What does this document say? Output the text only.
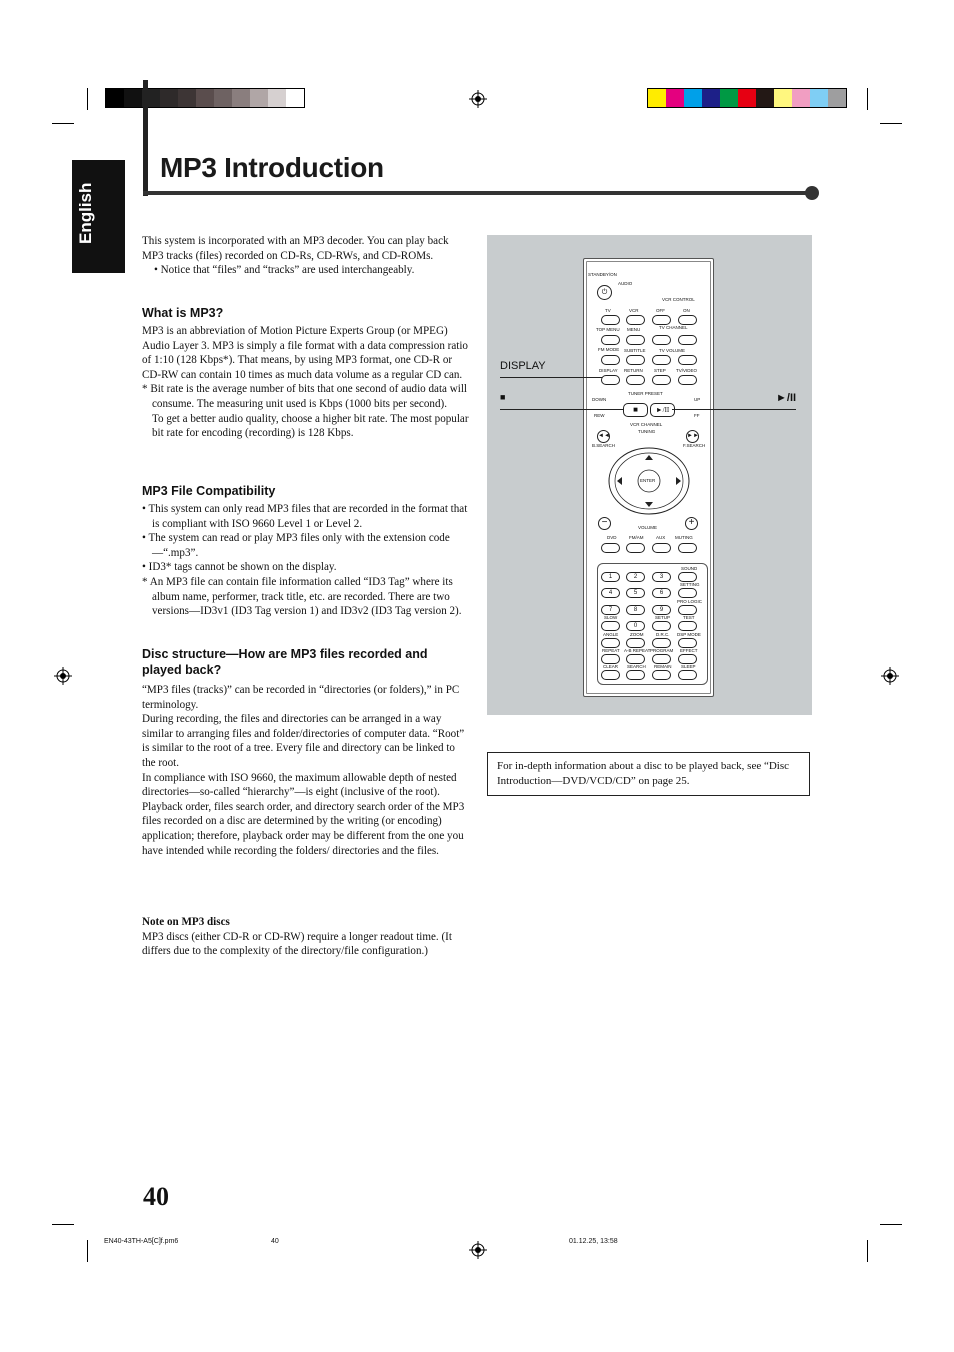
MP3 Introduction
English	This system is incorporated with an MP3 decoder. You can play back MP3 tracks (files) recorded on CD-Rs, CD-RWs, and CD-ROMs.

• Notice that “files” and “tracks” are used interchangeably.

What is MP3?

MP3 is an abbreviation of Motion Picture Experts Group (or MPEG) Audio Layer 3. MP3 is simply a file format with a data compression ratio of 1:10 (128 Kbps*). That means, by using MP3 format, one CD-R or CD-RW can contain 10 times as much data volume as a regular CD can.

* Bit rate is the average number of bits that one second of audio data will consume. The measuring unit used is Kbps (1000 bits per second).

To get a better audio quality, choose a higher bit rate. The most popular bit rate for encoding (recording) is 128 Kbps.

MP3 File Compatibility

• This system can only read MP3 files that are recorded in the format that is compliant with ISO 9660 Level 1 or Level 2.

• The system can read or play MP3 files only with the extension code—“.mp3”.

• ID3* tags cannot be shown on the display.

* An MP3 file can contain file information called “ID3 Tag” where its album name, performer, track title, etc. are recorded. There are two versions—ID3v1 (ID3 Tag version 1) and ID3v2 (ID3 Tag version 2).

Disc structure—How are MP3 files recorded and played back?

“MP3 files (tracks)” can be recorded in “directories (or folders),” in PC terminology.

During recording, the files and directories can be arranged in a way similar to arranging files and folder/directories of computer data. “Root” is similar to the root of a tree. Every file and directory can be linked to the root.

In compliance with ISO 9660, the maximum allowable depth of nested directories—so-called “hierarchy”—is eight (inclusive of the root).

Playback order, files search order, and directory search order of the MP3 files recorded on a disc are determined by the writing (or encoding) application; therefore, playback order may be different from the one you have intended while recording the folders/ directories and the files.

Note on MP3 discs

MP3 discs (either CD-R or CD-RW) require a longer readout time. (It differs due to the complexity of the directory/file configuration.)

STANDBY/ON
AUDIO
⏻
VCR CONTROL
TV	VCR	OFF	ON
TOP MENU MENU	TV CHANNEL
FM MODE SUBTITLE	TV VOLUME
DISPLAY RETURN	STEP TV/VIDEO
TUNER PRESET
DOWN	UP
■	►/II
REW	FF
VCR CHANNEL
TUNING
◄◄	►►
B.SEARCH	F.SEARCH
ENTER
−	+
VOLUME
DVD	FM/AM	AUX MUTING
SOUND
1	2	3
SETTING
4	5	6
PRO LOGIC
7	8	9
SLOW	SETUP	TEST
0
ANGLE	ZOOM	D.R.C. DSP MODE
REPEAT A-B REPEAT PROGRAM EFFECT
CLEAR SEARCH REMAIN SLEEP
DISPLAY
■	►/II
For in-depth information about a disc to be played back, see “Disc Introduction—DVD/VCD/CD” on page 25.
40
EN40-43TH-A5[C]f.pm6	40	01.12.25, 13:58
